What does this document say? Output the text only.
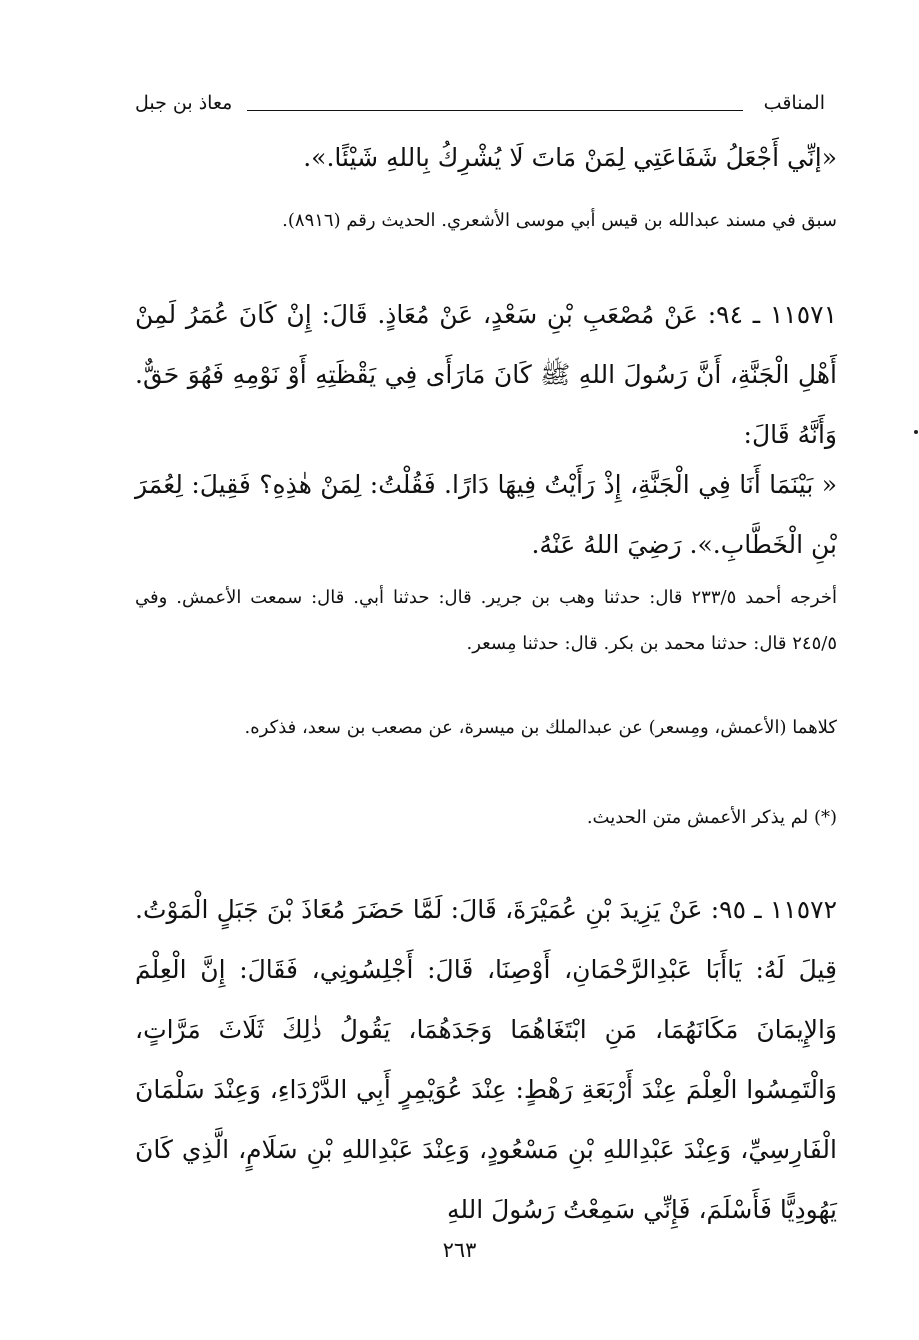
المناقب
معاذ بن جبل
«إنِّي أَجْعَلُ شَفَاعَتِي لِمَنْ مَاتَ لَا يُشْرِكُ بِاللهِ شَيْئًا.».
سبق في مسند عبدالله بن قيس أبي موسى الأشعري. الحديث رقم (٨٩١٦).
١١٥٧١ ـ ٩٤: عَنْ مُصْعَبِ بْنِ سَعْدٍ، عَنْ مُعَاذٍ. قَالَ: إِنْ كَانَ عُمَرُ لَمِنْ أَهْلِ الْجَنَّةِ، أَنَّ رَسُولَ اللهِ ﷺ كَانَ مَارَأَى فِي يَقْظَتِهِ أَوْ نَوْمِهِ فَهُوَ حَقٌّ. وَأَنَّهُ قَالَ:
« بَيْنَمَا أَنَا فِي الْجَنَّةِ، إِذْ رَأَيْتُ فِيهَا دَارًا. فَقُلْتُ: لِمَنْ هٰذِهِ؟ فَقِيلَ: لِعُمَرَ بْنِ الْخَطَّابِ.». رَضِيَ اللهُ عَنْهُ.
أخرجه أحمد ٢٣٣/٥ قال: حدثنا وهب بن جرير. قال: حدثنا أبي. قال: سمعت الأعمش. وفي ٢٤٥/٥ قال: حدثنا محمد بن بكر. قال: حدثنا مِسعر.
كلاهما (الأعمش، ومِسعر) عن عبدالملك بن ميسرة، عن مصعب بن سعد، فذكره.
(*) لم يذكر الأعمش متن الحديث.
١١٥٧٢ ـ ٩٥: عَنْ يَزِيدَ بْنِ عُمَيْرَةَ، قَالَ: لَمَّا حَضَرَ مُعَاذَ بْنَ جَبَلٍ الْمَوْتُ. قِيلَ لَهُ: يَاأَبَا عَبْدِالرَّحْمَانِ، أَوْصِنَا، قَالَ: أَجْلِسُونِي، فَقَالَ: إِنَّ الْعِلْمَ وَالإِيمَانَ مَكَانَهُمَا، مَنِ ابْتَغَاهُمَا وَجَدَهُمَا، يَقُولُ ذٰلِكَ ثَلَاثَ مَرَّاتٍ، وَالْتَمِسُوا الْعِلْمَ عِنْدَ أَرْبَعَةِ رَهْطٍ: عِنْدَ عُوَيْمِرٍ أَبِي الدَّرْدَاءِ، وَعِنْدَ سَلْمَانَ الْفَارِسِيِّ، وَعِنْدَ عَبْدِاللهِ بْنِ مَسْعُودٍ، وَعِنْدَ عَبْدِاللهِ بْنِ سَلَامٍ، الَّذِي كَانَ يَهُودِيًّا فَأَسْلَمَ، فَإِنِّي سَمِعْتُ رَسُولَ اللهِ
٢٦٣
